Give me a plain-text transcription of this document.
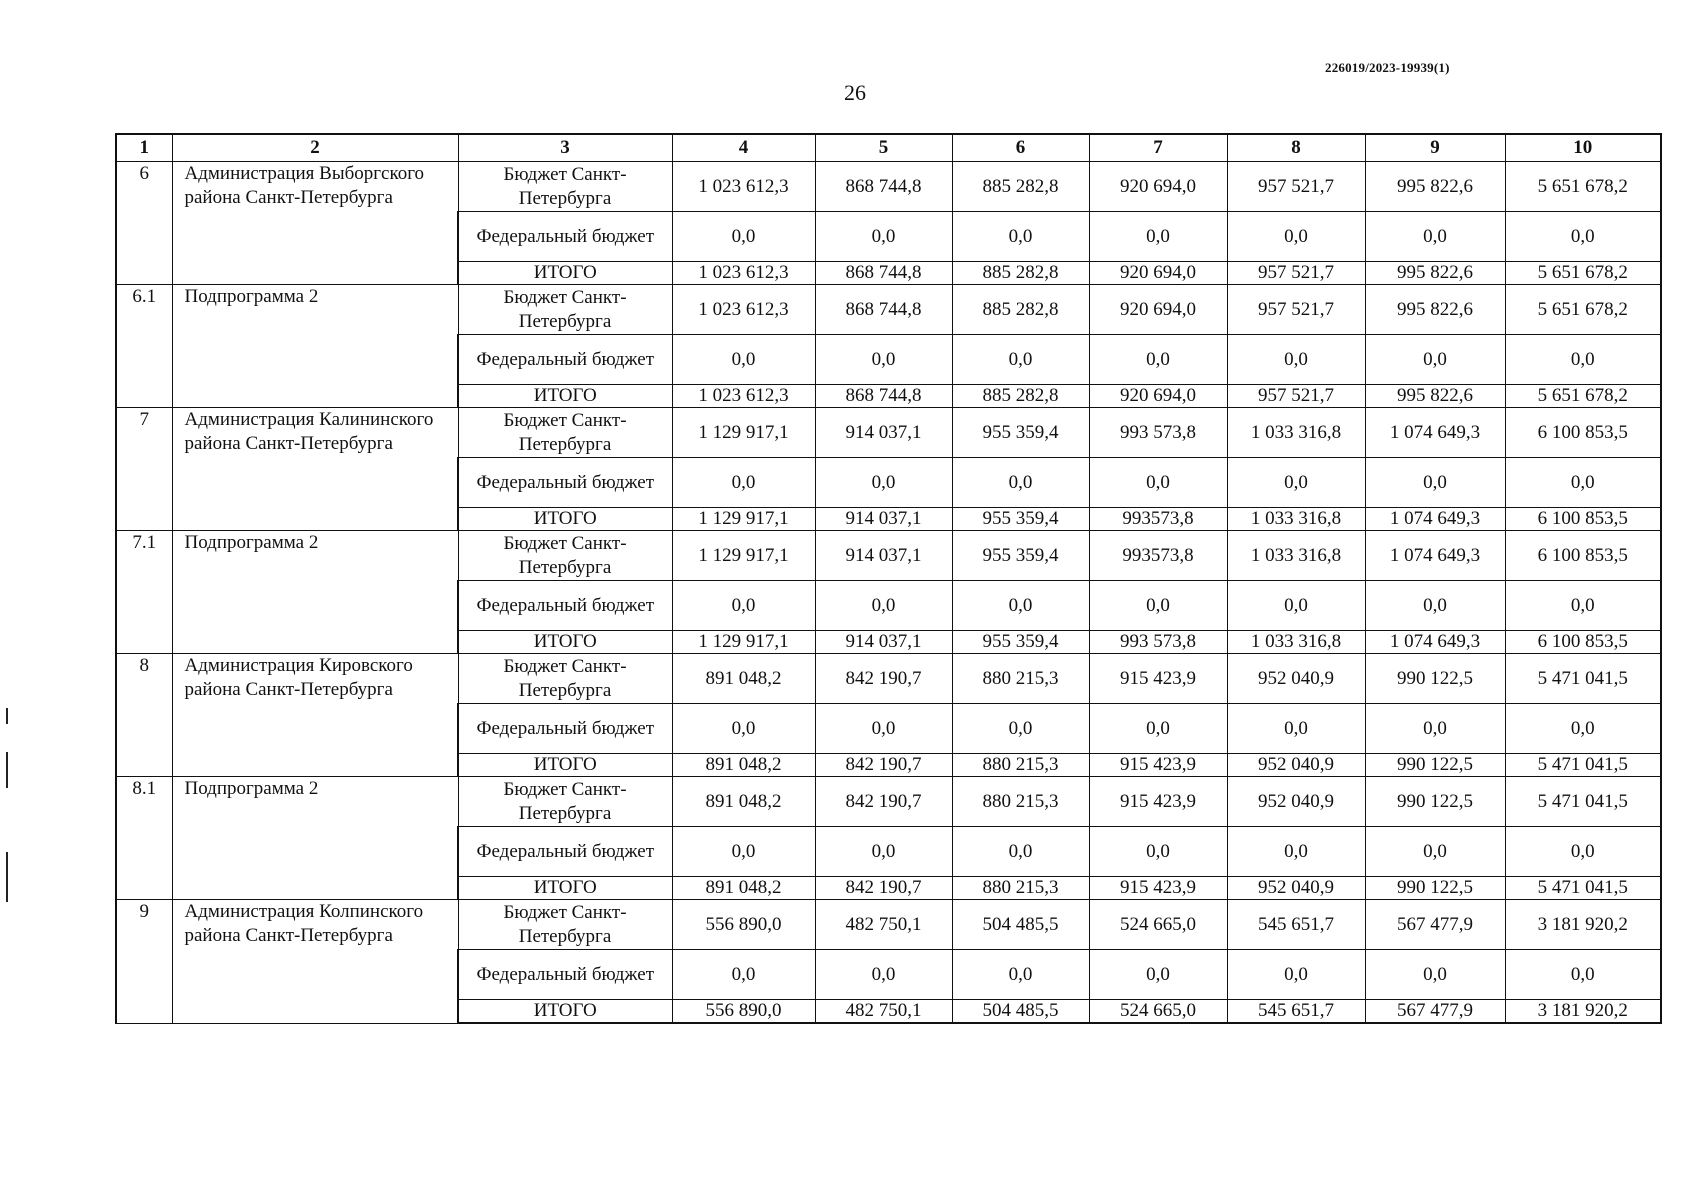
226019/2023-19939(1)
26
1	2	3	4	5	6	7	8	9	10
6	Администрация Выборгского района Санкт-Петербурга	Бюджет Санкт-Петербурга	1 023 612,3	868 744,8	885 282,8	920 694,0	957 521,7	995 822,6	5 651 678,2
		Федеральный бюджет	0,0	0,0	0,0	0,0	0,0	0,0	0,0
		ИТОГО	1 023 612,3	868 744,8	885 282,8	920 694,0	957 521,7	995 822,6	5 651 678,2
6.1	Подпрограмма 2	Бюджет Санкт-Петербурга	1 023 612,3	868 744,8	885 282,8	920 694,0	957 521,7	995 822,6	5 651 678,2
		Федеральный бюджет	0,0	0,0	0,0	0,0	0,0	0,0	0,0
		ИТОГО	1 023 612,3	868 744,8	885 282,8	920 694,0	957 521,7	995 822,6	5 651 678,2
7	Администрация Калининского района Санкт-Петербурга	Бюджет Санкт-Петербурга	1 129 917,1	914 037,1	955 359,4	993 573,8	1 033 316,8	1 074 649,3	6 100 853,5
		Федеральный бюджет	0,0	0,0	0,0	0,0	0,0	0,0	0,0
		ИТОГО	1 129 917,1	914 037,1	955 359,4	993573,8	1 033 316,8	1 074 649,3	6 100 853,5
7.1	Подпрограмма 2	Бюджет Санкт-Петербурга	1 129 917,1	914 037,1	955 359,4	993573,8	1 033 316,8	1 074 649,3	6 100 853,5
		Федеральный бюджет	0,0	0,0	0,0	0,0	0,0	0,0	0,0
		ИТОГО	1 129 917,1	914 037,1	955 359,4	993 573,8	1 033 316,8	1 074 649,3	6 100 853,5
8	Администрация Кировского района Санкт-Петербурга	Бюджет Санкт-Петербурга	891 048,2	842 190,7	880 215,3	915 423,9	952 040,9	990 122,5	5 471 041,5
		Федеральный бюджет	0,0	0,0	0,0	0,0	0,0	0,0	0,0
		ИТОГО	891 048,2	842 190,7	880 215,3	915 423,9	952 040,9	990 122,5	5 471 041,5
8.1	Подпрограмма 2	Бюджет Санкт-Петербурга	891 048,2	842 190,7	880 215,3	915 423,9	952 040,9	990 122,5	5 471 041,5
		Федеральный бюджет	0,0	0,0	0,0	0,0	0,0	0,0	0,0
		ИТОГО	891 048,2	842 190,7	880 215,3	915 423,9	952 040,9	990 122,5	5 471 041,5
9	Администрация Колпинского района Санкт-Петербурга	Бюджет Санкт-Петербурга	556 890,0	482 750,1	504 485,5	524 665,0	545 651,7	567 477,9	3 181 920,2
		Федеральный бюджет	0,0	0,0	0,0	0,0	0,0	0,0	0,0
		ИТОГО	556 890,0	482 750,1	504 485,5	524 665,0	545 651,7	567 477,9	3 181 920,2
